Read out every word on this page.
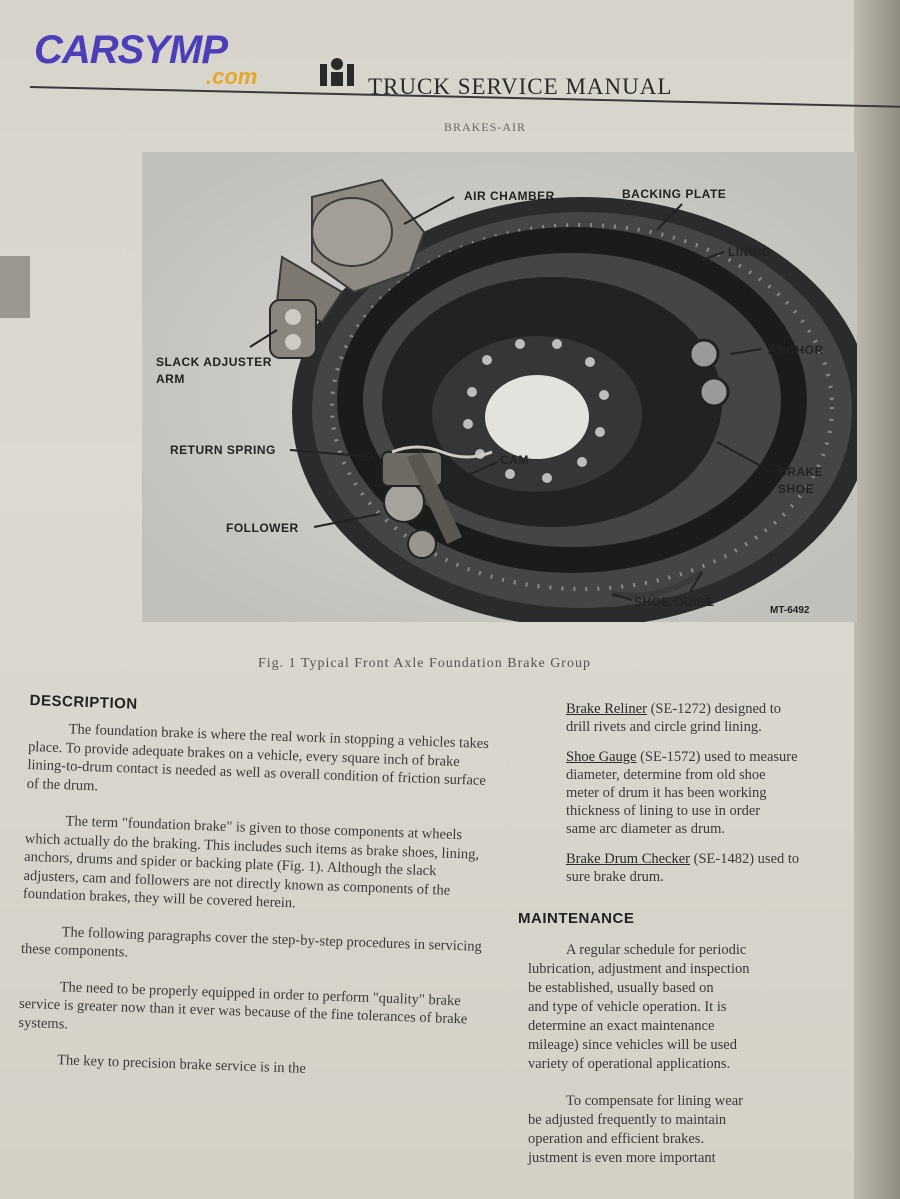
CARSYMP
.com	TRUCK SERVICE MANUAL
BRAKES-AIR
AIR CHAMBER	BACKING PLATE
LINING
ANCHOR
SLACK ADJUSTER
ARM
RETURN SPRING
CAM
BRAKE
SHOE
FOLLOWER
SHOE GUIDE
MT-6492
Fig. 1 Typical Front Axle Foundation Brake Group
DESCRIPTION

The foundation brake is where the real work in stopping a vehicles takes place. To provide adequate brakes on a vehicle, every square inch of brake lining-to-drum contact is needed as well as overall condition of friction surface of the drum.

The term "foundation brake" is given to those components at wheels which actually do the braking. This includes such items as brake shoes, lining, anchors, drums and spider or backing plate (Fig. 1). Although the slack adjusters, cam and followers are not directly known as components of the foundation brakes, they will be covered herein.

The following paragraphs cover the step-by-step procedures in servicing these components.

The need to be properly equipped in order to perform "quality" brake service is greater now than it ever was because of the fine tolerances of brake systems.

The key to precision brake service is in the

Brake Reliner (SE-1272) designed to
drill rivets and circle grind lining.
Shoe Gauge (SE-1572) used to measure
diameter, determine from old shoe
meter of drum it has been working
thickness of lining to use in order
same arc diameter as drum.
Brake Drum Checker (SE-1482) used to
sure brake drum.
MAINTENANCE

A regular schedule for periodic
lubrication, adjustment and inspection
be established, usually based on
and type of vehicle operation. It is
determine an exact maintenance
mileage) since vehicles will be used
variety of operational applications.

To compensate for lining wear
be adjusted frequently to maintain
operation and efficient brakes.
justment is even more important
